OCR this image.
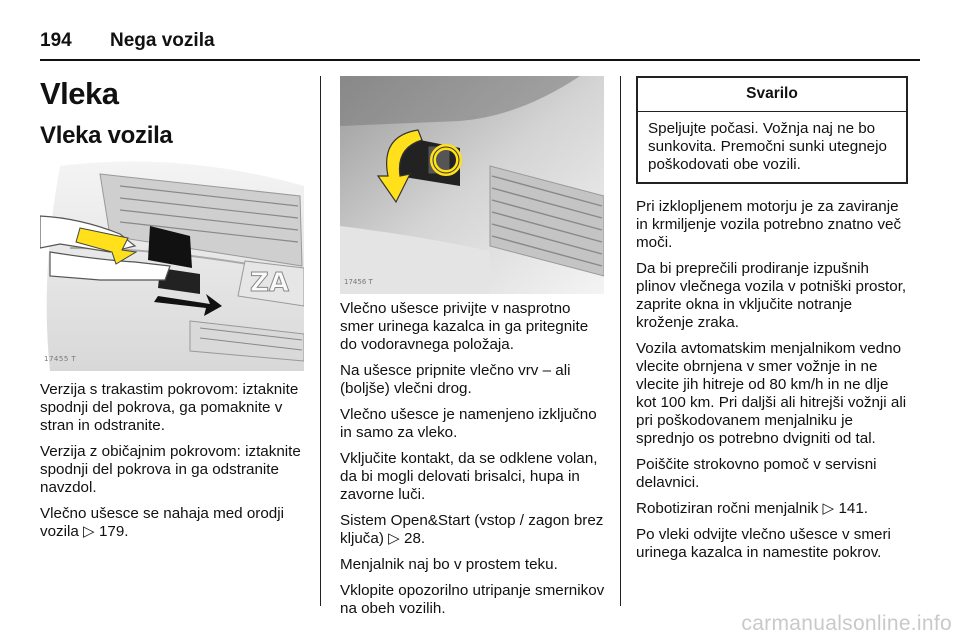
194	Nega vozila
Vleka
Vleka vozila
ZA
17455 T

Verzija s trakastim pokrovom: iztaknite spodnji del pokrova, ga pomaknite v stran in odstranite.

Verzija z običajnim pokrovom: iztaknite spodnji del pokrova in ga odstranite navzdol.

Vlečno ušesce se nahaja med orodji vozila ▷ 179.

17456 T

Vlečno ušesce privijte v nasprotno smer urinega kazalca in ga pritegnite do vodoravnega položaja.

Na ušesce pripnite vlečno vrv – ali (boljše) vlečni drog.

Vlečno ušesce je namenjeno izključno in samo za vleko.

Vključite kontakt, da se odklene volan, da bi mogli delovati brisalci, hupa in zavorne luči.

Sistem Open&Start (vstop / zagon brez ključa) ▷ 28.

Menjalnik naj bo v prostem teku.

Vklopite opozorilno utripanje smernikov na obeh vozilih.

Svarilo
Speljujte počasi. Vožnja naj ne bo sunkovita. Premočni sunki utegnejo poškodovati obe vozili.

Pri izklopljenem motorju je za zaviranje in krmiljenje vozila potrebno znatno več moči.

Da bi preprečili prodiranje izpušnih plinov vlečnega vozila v potniški prostor, zaprite okna in vključite notranje kroženje zraka.

Vozila avtomatskim menjalnikom vedno vlecite obrnjena v smer vožnje in ne vlecite jih hitreje od 80 km/h in ne dlje kot 100 km. Pri daljši ali hitrejši vožnji ali pri poškodovanem menjalniku je sprednjo os potrebno dvigniti od tal.

Poiščite strokovno pomoč v servisni delavnici.

Robotiziran ročni menjalnik ▷ 141.

Po vleki odvijte vlečno ušesce v smeri urinega kazalca in namestite pokrov.

carmanualsonline.info
